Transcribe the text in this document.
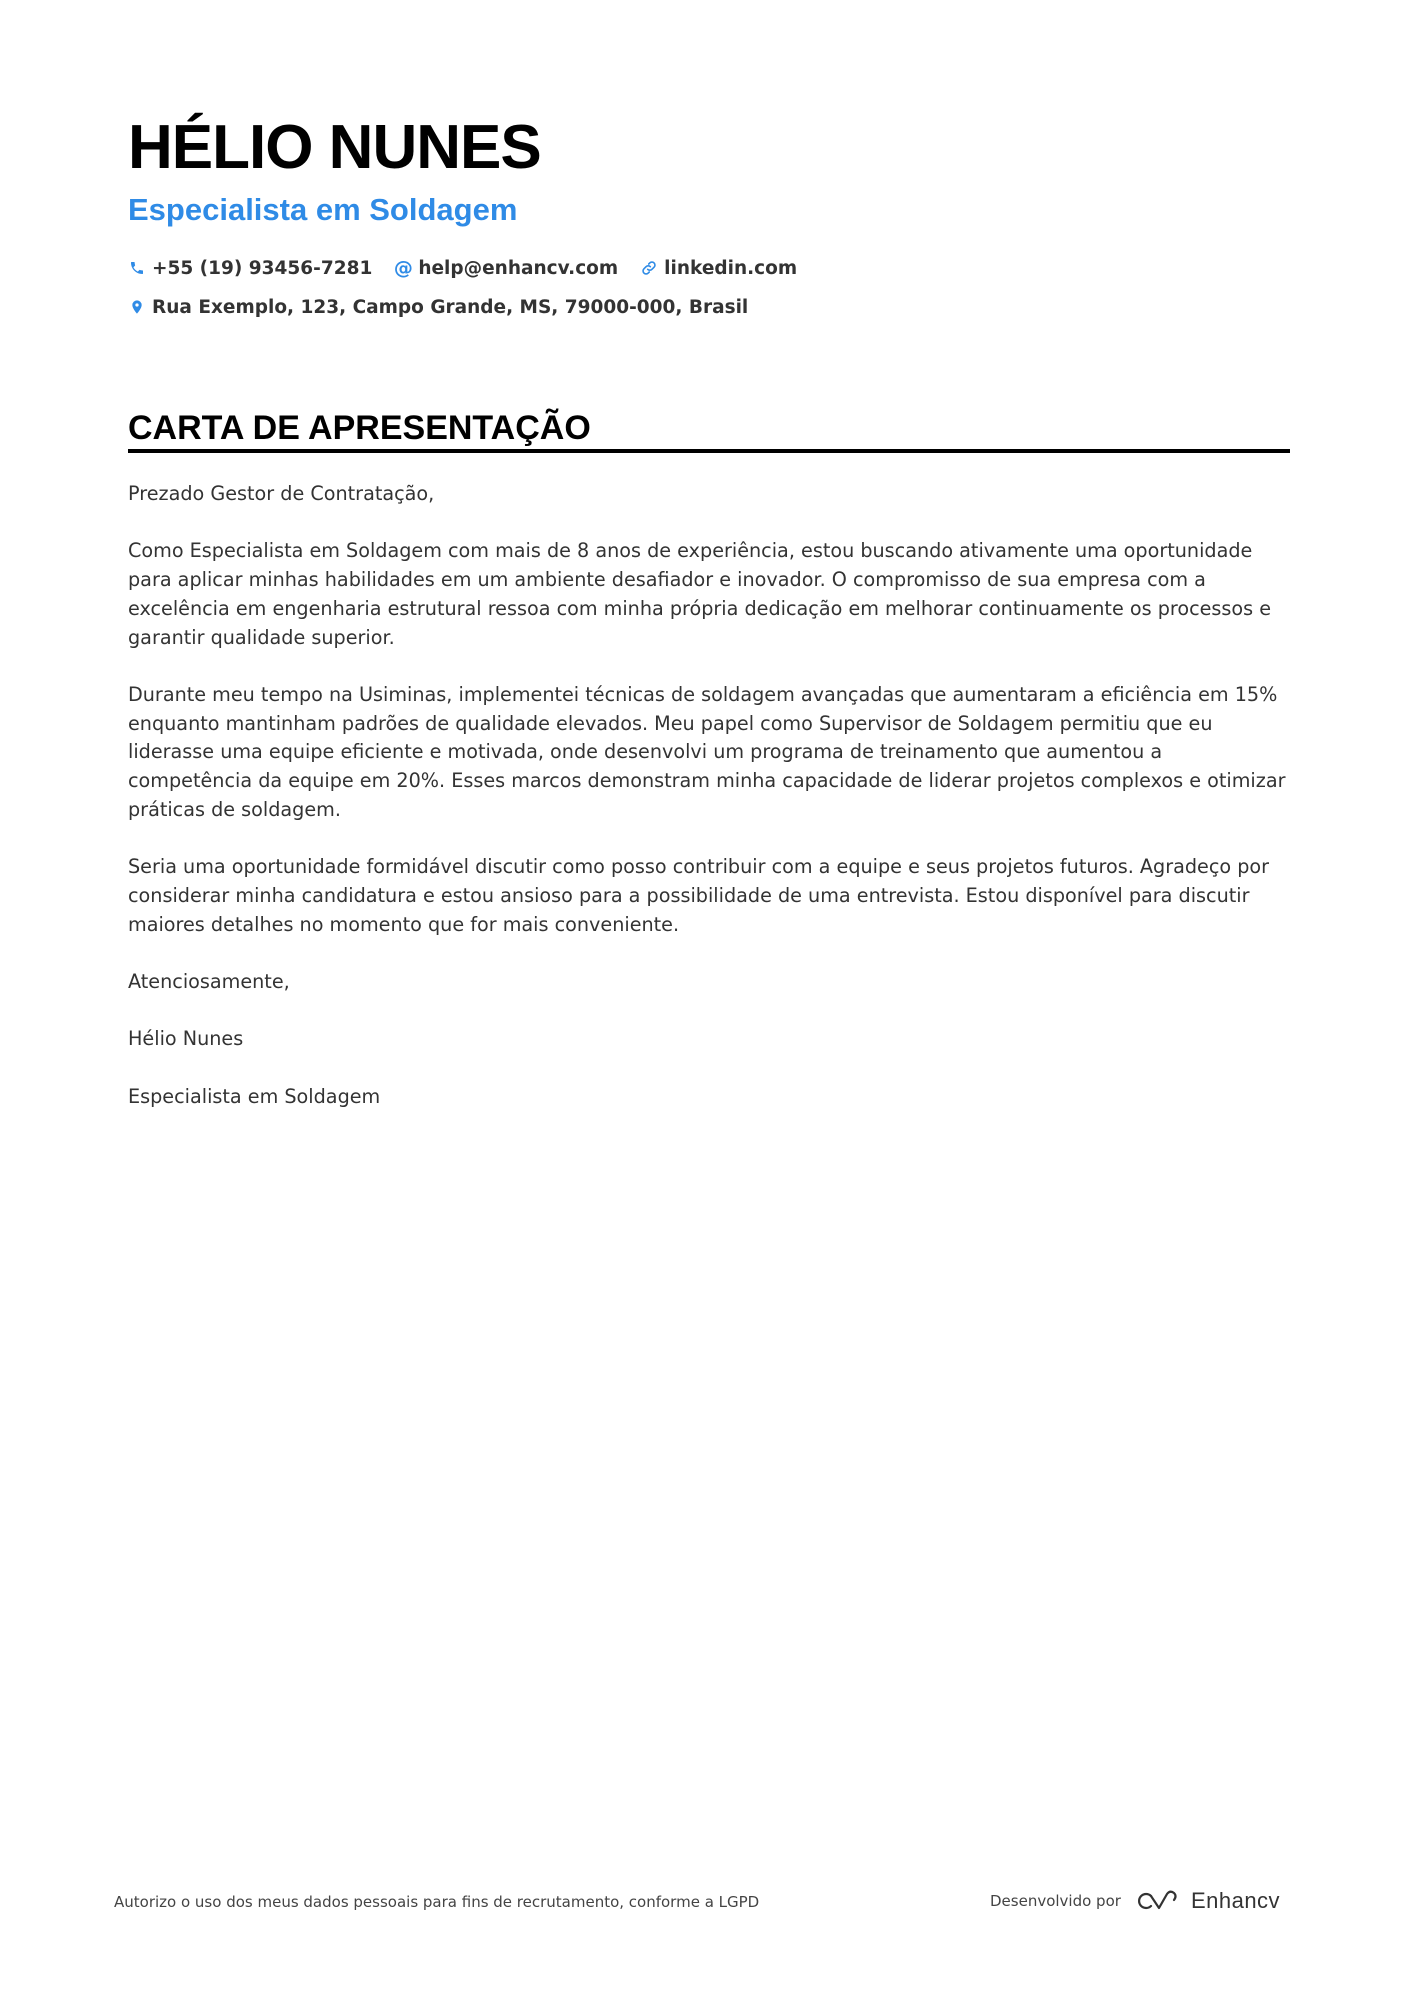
HÉLIO NUNES
Especialista em Soldagem
+55 (19) 93456-7281 @ help@enhancv.com linkedin.com
Rua Exemplo, 123, Campo Grande, MS, 79000-000, Brasil
CARTA DE APRESENTAÇÃO

Prezado Gestor de Contratação,

Como Especialista em Soldagem com mais de 8 anos de experiência, estou buscando ativamente uma oportunidade para aplicar minhas habilidades em um ambiente desafiador e inovador. O compromisso de sua empresa com a excelência em engenharia estrutural ressoa com minha própria dedicação em melhorar continuamente os processos e garantir qualidade superior.

Durante meu tempo na Usiminas, implementei técnicas de soldagem avançadas que aumentaram a eficiência em 15% enquanto mantinham padrões de qualidade elevados. Meu papel como Supervisor de Soldagem permitiu que eu liderasse uma equipe eficiente e motivada, onde desenvolvi um programa de treinamento que aumentou a competência da equipe em 20%. Esses marcos demonstram minha capacidade de liderar projetos complexos e otimizar práticas de soldagem.

Seria uma oportunidade formidável discutir como posso contribuir com a equipe e seus projetos futuros. Agradeço por considerar minha candidatura e estou ansioso para a possibilidade de uma entrevista. Estou disponível para discutir maiores detalhes no momento que for mais conveniente.

Atenciosamente,

Hélio Nunes

Especialista em Soldagem

Autorizo o uso dos meus dados pessoais para fins de recrutamento, conforme a LGPD	Desenvolvido por	Enhancv
